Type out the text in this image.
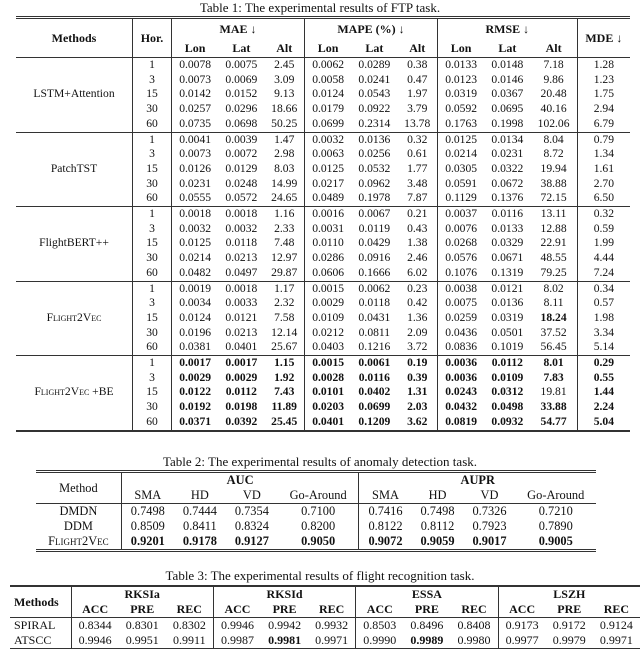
Table 1: The experimental results of FTP task.
Methods	Hor.	MAE ↓			MAPE (%) ↓			RMSE ↓			MDE ↓
		Lon	Lat	Alt	Lon	Lat	Alt	Lon	Lat	Alt	
LSTM+Attention	1	0.0078	0.0075	2.45	0.0062	0.0289	0.38	0.0133	0.0148	7.18	1.28
	3	0.0073	0.0069	3.09	0.0058	0.0241	0.47	0.0123	0.0146	9.86	1.23
	15	0.0142	0.0152	9.13	0.0124	0.0543	1.97	0.0319	0.0367	20.48	1.75
	30	0.0257	0.0296	18.66	0.0179	0.0922	3.79	0.0592	0.0695	40.16	2.94
	60	0.0735	0.0698	50.25	0.0699	0.2314	13.78	0.1763	0.1998	102.06	6.79
PatchTST	1	0.0041	0.0039	1.47	0.0032	0.0136	0.32	0.0125	0.0134	8.04	0.79
	3	0.0073	0.0072	2.98	0.0063	0.0256	0.61	0.0214	0.0231	8.72	1.34
	15	0.0126	0.0129	8.03	0.0125	0.0532	1.77	0.0305	0.0322	19.94	1.61
	30	0.0231	0.0248	14.99	0.0217	0.0962	3.48	0.0591	0.0672	38.88	2.70
	60	0.0555	0.0572	24.65	0.0489	0.1978	7.87	0.1129	0.1376	72.15	6.50
FlightBERT++	1	0.0018	0.0018	1.16	0.0016	0.0067	0.21	0.0037	0.0116	13.11	0.32
	3	0.0032	0.0032	2.33	0.0031	0.0119	0.43	0.0076	0.0133	12.88	0.59
	15	0.0125	0.0118	7.48	0.0110	0.0429	1.38	0.0268	0.0329	22.91	1.99
	30	0.0214	0.0213	12.97	0.0286	0.0916	2.46	0.0576	0.0671	48.55	4.44
	60	0.0482	0.0497	29.87	0.0606	0.1666	6.02	0.1076	0.1319	79.25	7.24
Flight2Vec	1	0.0019	0.0018	1.17	0.0015	0.0062	0.23	0.0038	0.0121	8.02	0.34
	3	0.0034	0.0033	2.32	0.0029	0.0118	0.42	0.0075	0.0136	8.11	0.57
	15	0.0124	0.0121	7.58	0.0109	0.0431	1.36	0.0259	0.0319	18.24	1.98
	30	0.0196	0.0213	12.14	0.0212	0.0811	2.09	0.0436	0.0501	37.52	3.34
	60	0.0381	0.0401	25.67	0.0403	0.1216	3.72	0.0836	0.1019	56.45	5.14
Flight2Vec +BE	1	0.0017	0.0017	1.15	0.0015	0.0061	0.19	0.0036	0.0112	8.01	0.29
	3	0.0029	0.0029	1.92	0.0028	0.0116	0.39	0.0036	0.0109	7.83	0.55
	15	0.0122	0.0112	7.43	0.0101	0.0402	1.31	0.0243	0.0312	19.81	1.44
	30	0.0192	0.0198	11.89	0.0203	0.0699	2.03	0.0432	0.0498	33.88	2.24
	60	0.0371	0.0392	25.45	0.0401	0.1209	3.62	0.0819	0.0932	54.77	5.04
Table 2: The experimental results of anomaly detection task.
Method	AUC				AUPR			
	SMA	HD	VD	Go-Around	SMA	HD	VD	Go-Around
DMDN	0.7498	0.7444	0.7354	0.7100	0.7416	0.7498	0.7326	0.7210
DDM	0.8509	0.8411	0.8324	0.8200	0.8122	0.8112	0.7923	0.7890
Flight2Vec	0.9201	0.9178	0.9127	0.9050	0.9072	0.9059	0.9017	0.9005
Table 3: The experimental results of flight recognition task.
Methods	RKSIa			RKSId			ESSA			LSZH		
	ACC	PRE	REC	ACC	PRE	REC	ACC	PRE	REC	ACC	PRE	REC
SPIRAL	0.8344	0.8301	0.8302	0.9946	0.9942	0.9932	0.8503	0.8496	0.8408	0.9173	0.9172	0.9124
ATSCC	0.9946	0.9951	0.9911	0.9987	0.9981	0.9971	0.9990	0.9989	0.9980	0.9977	0.9979	0.9971
